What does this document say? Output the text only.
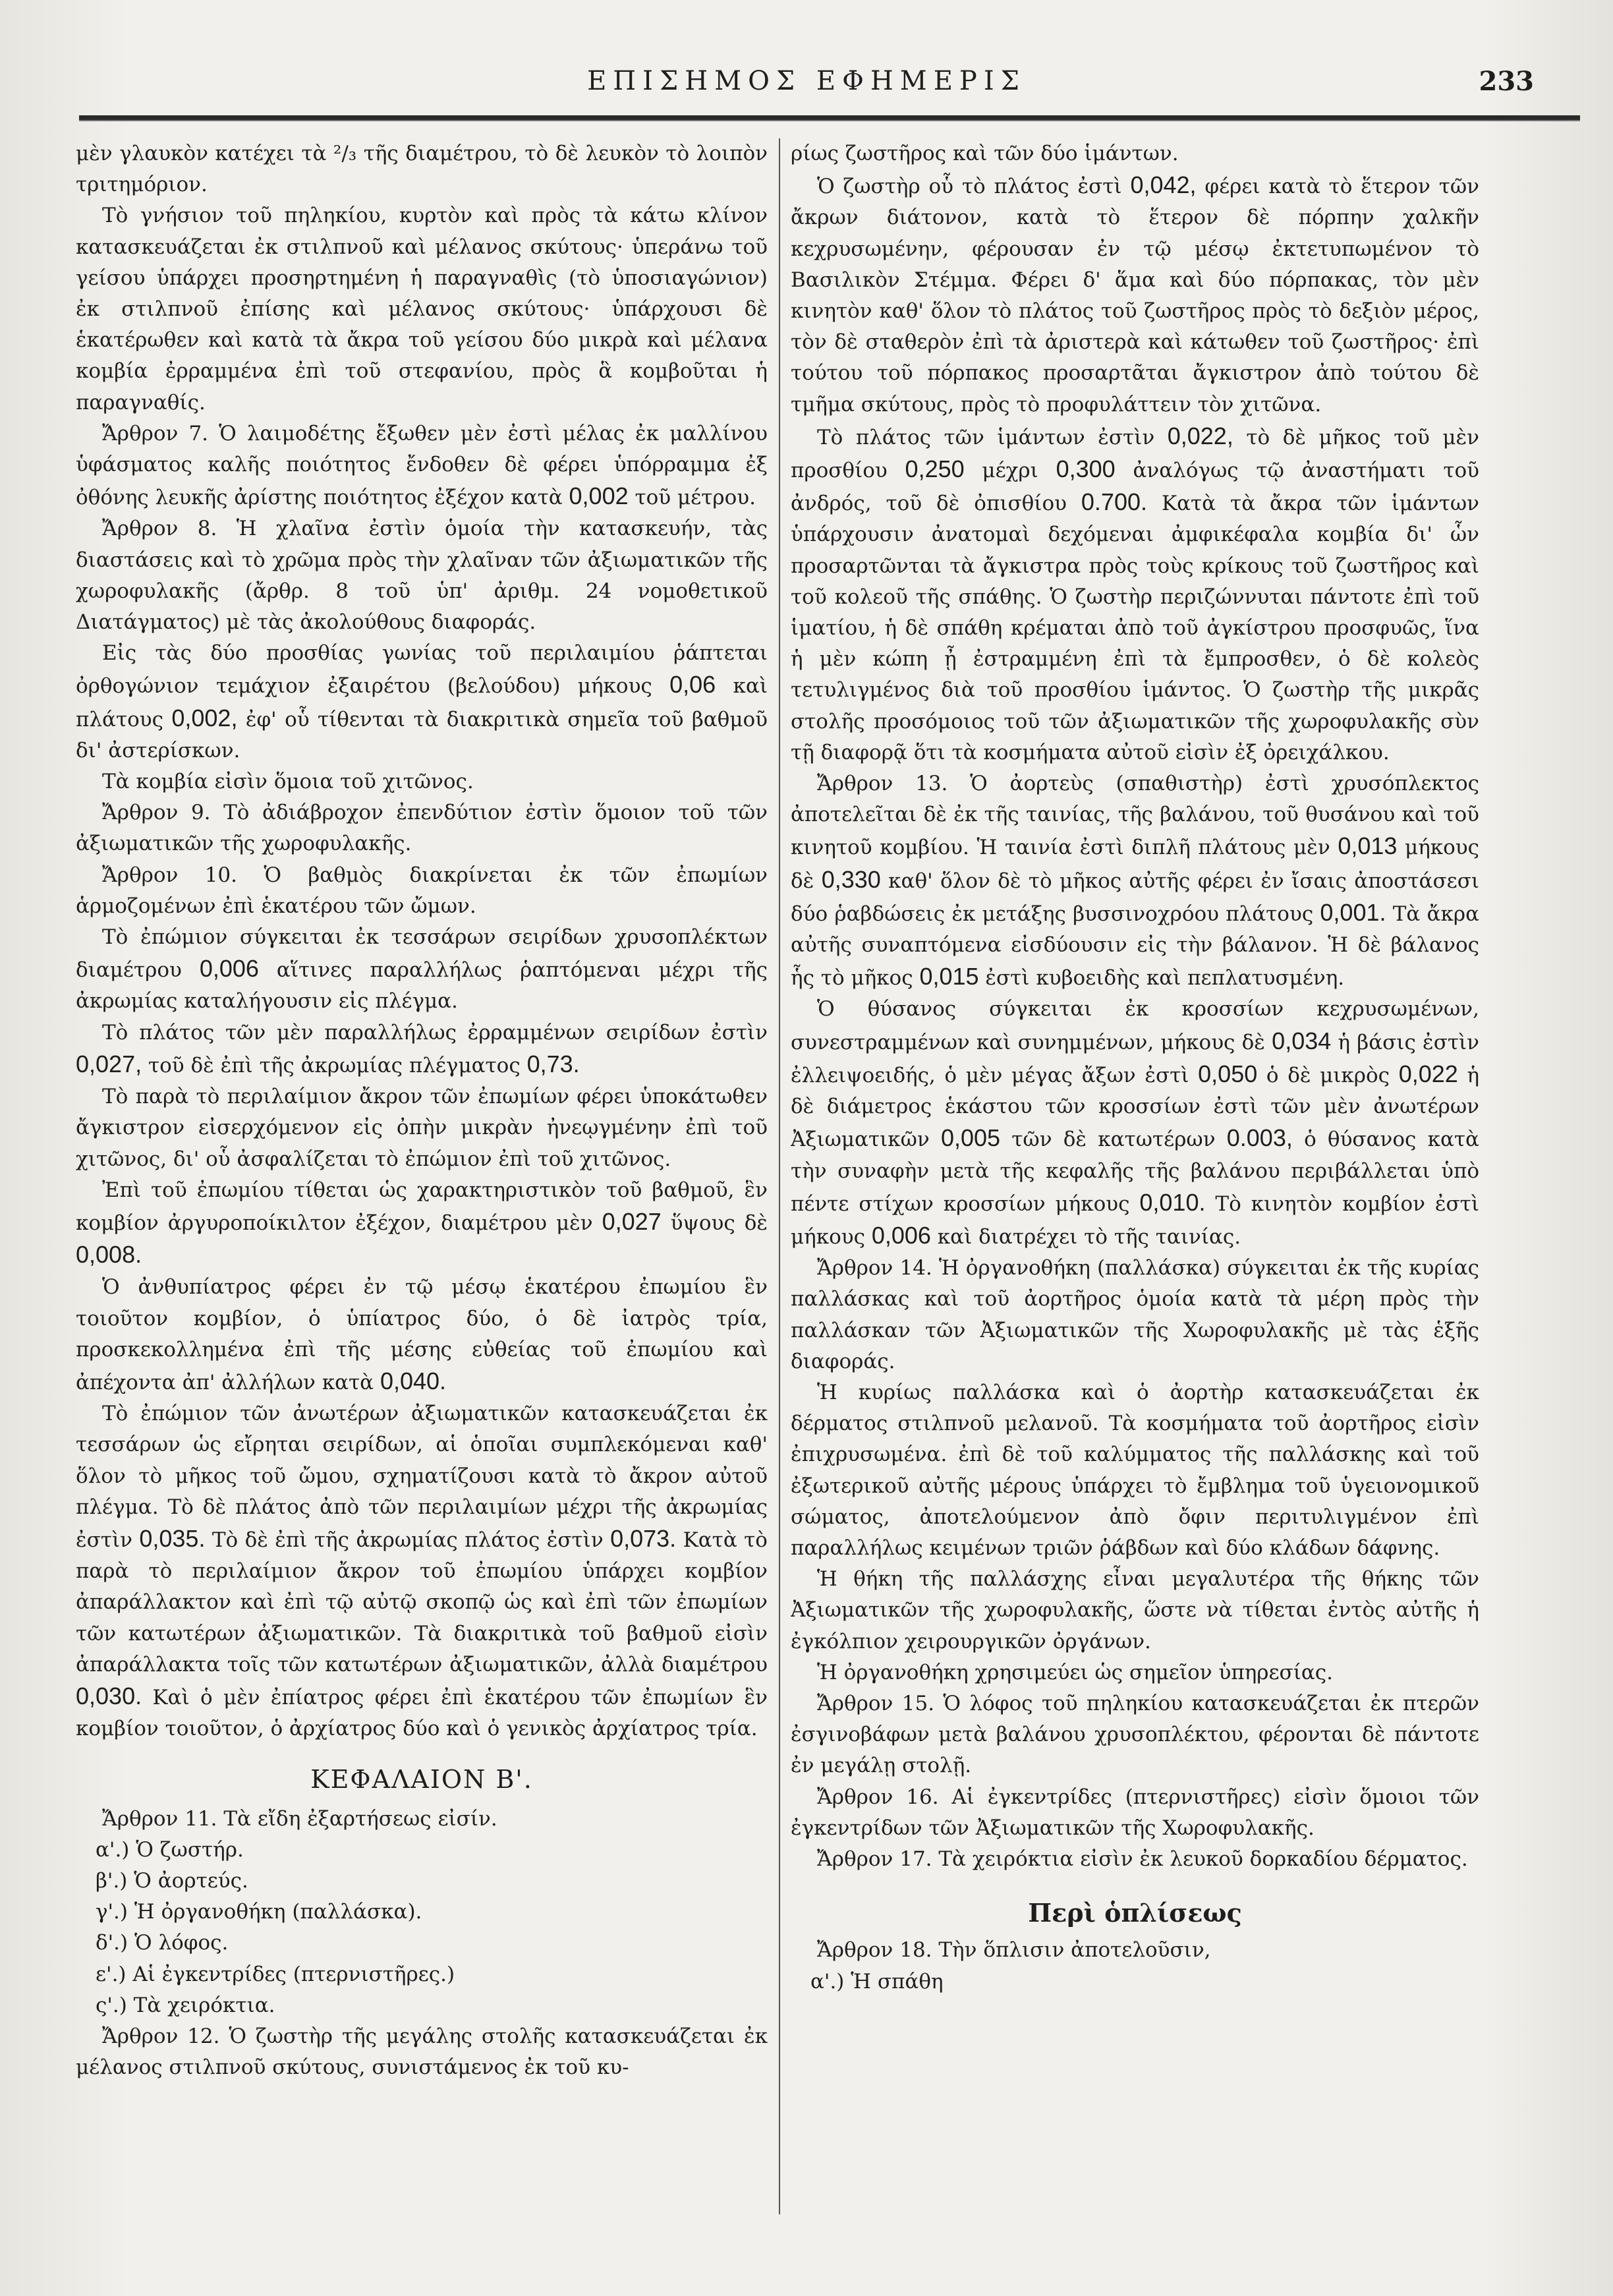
ΕΠΙΣΗΜΟΣ ΕΦΗΜΕΡΙΣ	233

μὲν γλαυκὸν κατέχει τὰ ²/₃ τῆς διαμέτρου, τὸ δὲ λευκὸν τὸ λοιπὸν τριτημόριον.

Τὸ γνήσιον τοῦ πηληκίου, κυρτὸν καὶ πρὸς τὰ κάτω κλίνον κατασκευάζεται ἐκ στιλπνοῦ καὶ μέλανος σκύτους· ὑπεράνω τοῦ γείσου ὑπάρχει προσηρτημένη ἡ παραγναθὶς (τὸ ὑποσιαγώνιον) ἐκ στιλπνοῦ ἐπίσης καὶ μέλανος σκύτους· ὑπάρχουσι δὲ ἑκατέρωθεν καὶ κατὰ τὰ ἄκρα τοῦ γείσου δύο μικρὰ καὶ μέλανα κομβία ἐρραμμένα ἐπὶ τοῦ στεφανίου, πρὸς ἃ κομβοῦται ἡ παραγναθίς.

Ἄρθρον 7. Ὁ λαιμοδέτης ἔξωθεν μὲν ἐστὶ μέλας ἐκ μαλλίνου ὑφάσματος καλῆς ποιότητος ἔνδοθεν δὲ φέρει ὑπόρραμμα ἐξ ὀθόνης λευκῆς ἀρίστης ποιότητος ἐξέχον κατὰ 0,002 τοῦ μέτρου.

Ἄρθρον 8. Ἡ χλαῖνα ἐστὶν ὁμοία τὴν κατασκευήν, τὰς διαστάσεις καὶ τὸ χρῶμα πρὸς τὴν χλαῖναν τῶν ἀξιωματικῶν τῆς χωροφυλακῆς (ἄρθρ. 8 τοῦ ὑπ' ἀριθμ. 24 νομοθετικοῦ Διατάγματος) μὲ τὰς ἀκολούθους διαφοράς.

Εἰς τὰς δύο προσθίας γωνίας τοῦ περιλαιμίου ῥάπτεται ὀρθογώνιον τεμάχιον ἐξαιρέτου (βελούδου) μήκους 0,06 καὶ πλάτους 0,002, ἐφ' οὗ τίθενται τὰ διακριτικὰ σημεῖα τοῦ βαθμοῦ δι' ἀστερίσκων.

Τὰ κομβία εἰσὶν ὅμοια τοῦ χιτῶνος.

Ἄρθρον 9. Τὸ ἀδιάβροχον ἐπενδύτιον ἐστὶν ὅμοιον τοῦ τῶν ἀξιωματικῶν τῆς χωροφυλακῆς.

Ἄρθρον 10. Ὁ βαθμὸς διακρίνεται ἐκ τῶν ἐπωμίων ἁρμοζομένων ἐπὶ ἑκατέρου τῶν ὤμων.

Τὸ ἐπώμιον σύγκειται ἐκ τεσσάρων σειρίδων χρυσοπλέκτων διαμέτρου 0,006 αἵτινες παραλλήλως ῥαπτόμεναι μέχρι τῆς ἀκρωμίας καταλήγουσιν εἰς πλέγμα.

Τὸ πλάτος τῶν μὲν παραλλήλως ἐρραμμένων σειρίδων ἐστὶν 0,027, τοῦ δὲ ἐπὶ τῆς ἀκρωμίας πλέγματος 0,73.

Τὸ παρὰ τὸ περιλαίμιον ἄκρον τῶν ἐπωμίων φέρει ὑποκάτωθεν ἄγκιστρον εἰσερχόμενον εἰς ὀπὴν μικρὰν ἠνεῳγμένην ἐπὶ τοῦ χιτῶνος, δι' οὗ ἀσφαλίζεται τὸ ἐπώμιον ἐπὶ τοῦ χιτῶνος.

Ἐπὶ τοῦ ἐπωμίου τίθεται ὡς χαρακτηριστικὸν τοῦ βαθμοῦ, ἓν κομβίον ἀργυροποίκιλτον ἐξέχον, διαμέτρου μὲν 0,027 ὕψους δὲ 0,008.

Ὁ ἀνθυπίατρος φέρει ἐν τῷ μέσῳ ἑκατέρου ἐπωμίου ἓν τοιοῦτον κομβίον, ὁ ὑπίατρος δύο, ὁ δὲ ἰατρὸς τρία, προσκεκολλημένα ἐπὶ τῆς μέσης εὐθείας τοῦ ἐπωμίου καὶ ἀπέχοντα ἀπ' ἀλλήλων κατὰ 0,040.

Τὸ ἐπώμιον τῶν ἀνωτέρων ἀξιωματικῶν κατασκευάζεται ἐκ τεσσάρων ὡς εἴρηται σειρίδων, αἱ ὁποῖαι συμπλεκόμεναι καθ' ὅλον τὸ μῆκος τοῦ ὤμου, σχηματίζουσι κατὰ τὸ ἄκρον αὐτοῦ πλέγμα. Τὸ δὲ πλάτος ἀπὸ τῶν περιλαιμίων μέχρι τῆς ἀκρωμίας ἐστὶν 0,035. Τὸ δὲ ἐπὶ τῆς ἀκρωμίας πλάτος ἐστὶν 0,073. Κατὰ τὸ παρὰ τὸ περιλαίμιον ἄκρον τοῦ ἐπωμίου ὑπάρχει κομβίον ἀπαράλλακτον καὶ ἐπὶ τῷ αὐτῷ σκοπῷ ὡς καὶ ἐπὶ τῶν ἐπωμίων τῶν κατωτέρων ἀξιωματικῶν. Τὰ διακριτικὰ τοῦ βαθμοῦ εἰσὶν ἀπαράλλακτα τοῖς τῶν κατωτέρων ἀξιωματικῶν, ἀλλὰ διαμέτρου 0,030. Καὶ ὁ μὲν ἐπίατρος φέρει ἐπὶ ἑκατέρου τῶν ἐπωμίων ἓν κομβίον τοιοῦτον, ὁ ἀρχίατρος δύο καὶ ὁ γενικὸς ἀρχίατρος τρία.

ΚΕΦΑΛΑΙΟΝ Β'.

Ἄρθρον 11. Τὰ εἴδη ἐξαρτήσεως εἰσίν.

α'.) Ὁ ζωστήρ.

β'.) Ὁ ἀορτεύς.

γ'.) Ἡ ὀργανοθήκη (παλλάσκα).

δ'.) Ὁ λόφος.

ε'.) Αἱ ἐγκεντρίδες (πτερνιστῆρες.)

ς'.) Τὰ χειρόκτια.

Ἄρθρον 12. Ὁ ζωστὴρ τῆς μεγάλης στολῆς κατασκευάζεται ἐκ μέλανος στιλπνοῦ σκύτους, συνιστάμενος ἐκ τοῦ κυ-

ρίως ζωστῆρος καὶ τῶν δύο ἱμάντων.

Ὁ ζωστὴρ οὗ τὸ πλάτος ἐστὶ 0,042, φέρει κατὰ τὸ ἕτερον τῶν ἄκρων διάτονον, κατὰ τὸ ἕτερον δὲ πόρπην χαλκῆν κεχρυσωμένην, φέρουσαν ἐν τῷ μέσῳ ἐκτετυπωμένον τὸ Βασιλικὸν Στέμμα. Φέρει δ' ἅμα καὶ δύο πόρπακας, τὸν μὲν κινητὸν καθ' ὅλον τὸ πλάτος τοῦ ζωστῆρος πρὸς τὸ δεξιὸν μέρος, τὸν δὲ σταθερὸν ἐπὶ τὰ ἀριστερὰ καὶ κάτωθεν τοῦ ζωστῆρος· ἐπὶ τούτου τοῦ πόρπακος προσαρτᾶται ἄγκιστρον ἀπὸ τούτου δὲ τμῆμα σκύτους, πρὸς τὸ προφυλάττειν τὸν χιτῶνα.

Τὸ πλάτος τῶν ἱμάντων ἐστὶν 0,022, τὸ δὲ μῆκος τοῦ μὲν προσθίου 0,250 μέχρι 0,300 ἀναλόγως τῷ ἀναστήματι τοῦ ἀνδρός, τοῦ δὲ ὀπισθίου 0.700. Κατὰ τὰ ἄκρα τῶν ἱμάντων ὑπάρχουσιν ἀνατομαὶ δεχόμεναι ἀμφικέφαλα κομβία δι' ὧν προσαρτῶνται τὰ ἄγκιστρα πρὸς τοὺς κρίκους τοῦ ζωστῆρος καὶ τοῦ κολεοῦ τῆς σπάθης. Ὁ ζωστὴρ περιζώννυται πάντοτε ἐπὶ τοῦ ἱματίου, ἡ δὲ σπάθη κρέμαται ἀπὸ τοῦ ἀγκίστρου προσφυῶς, ἵνα ἡ μὲν κώπη ᾖ ἐστραμμένη ἐπὶ τὰ ἔμπροσθεν, ὁ δὲ κολεὸς τετυλιγμένος διὰ τοῦ προσθίου ἱμάντος. Ὁ ζωστὴρ τῆς μικρᾶς στολῆς προσόμοιος τοῦ τῶν ἀξιωματικῶν τῆς χωροφυλακῆς σὺν τῇ διαφορᾷ ὅτι τὰ κοσμήματα αὐτοῦ εἰσὶν ἐξ ὀρειχάλκου.

Ἄρθρον 13. Ὁ ἀορτεὺς (σπαθιστὴρ) ἐστὶ χρυσόπλεκτος ἀποτελεῖται δὲ ἐκ τῆς ταινίας, τῆς βαλάνου, τοῦ θυσάνου καὶ τοῦ κινητοῦ κομβίου. Ἡ ταινία ἐστὶ διπλῆ πλάτους μὲν 0,013 μήκους δὲ 0,330 καθ' ὅλον δὲ τὸ μῆκος αὐτῆς φέρει ἐν ἴσαις ἀποστάσεσι δύο ῥαβδώσεις ἐκ μετάξης βυσσινοχρόου πλάτους 0,001. Τὰ ἄκρα αὐτῆς συναπτόμενα εἰσδύουσιν εἰς τὴν βάλανον. Ἡ δὲ βάλανος ἧς τὸ μῆκος 0,015 ἐστὶ κυβοειδὴς καὶ πεπλατυσμένη.

Ὁ θύσανος σύγκειται ἐκ κροσσίων κεχρυσωμένων, συνεστραμμένων καὶ συνημμένων, μήκους δὲ 0,034 ἡ βάσις ἐστὶν ἐλλειψοειδής, ὁ μὲν μέγας ἄξων ἐστὶ 0,050 ὁ δὲ μικρὸς 0,022 ἡ δὲ διάμετρος ἑκάστου τῶν κροσσίων ἐστὶ τῶν μὲν ἀνωτέρων Ἀξιωματικῶν 0,005 τῶν δὲ κατωτέρων 0.003, ὁ θύσανος κατὰ τὴν συναφὴν μετὰ τῆς κεφαλῆς τῆς βαλάνου περιβάλλεται ὑπὸ πέντε στίχων κροσσίων μήκους 0,010. Τὸ κινητὸν κομβίον ἐστὶ μήκους 0,006 καὶ διατρέχει τὸ τῆς ταινίας.

Ἄρθρον 14. Ἡ ὀργανοθήκη (παλλάσκα) σύγκειται ἐκ τῆς κυρίας παλλάσκας καὶ τοῦ ἀορτῆρος ὁμοία κατὰ τὰ μέρη πρὸς τὴν παλλάσκαν τῶν Ἀξιωματικῶν τῆς Χωροφυλακῆς μὲ τὰς ἑξῆς διαφοράς.

Ἡ κυρίως παλλάσκα καὶ ὁ ἀορτὴρ κατασκευάζεται ἐκ δέρματος στιλπνοῦ μελανοῦ. Τὰ κοσμήματα τοῦ ἀορτῆρος εἰσὶν ἐπιχρυσωμένα. ἐπὶ δὲ τοῦ καλύμματος τῆς παλλάσκης καὶ τοῦ ἐξωτερικοῦ αὐτῆς μέρους ὑπάρχει τὸ ἔμβλημα τοῦ ὑγειονομικοῦ σώματος, ἀποτελούμενον ἀπὸ ὄφιν περιτυλιγμένον ἐπὶ παραλλήλως κειμένων τριῶν ῥάβδων καὶ δύο κλάδων δάφνης.

Ἡ θήκη τῆς παλλάσχης εἶναι μεγαλυτέρα τῆς θήκης τῶν Ἀξιωματικῶν τῆς χωροφυλακῆς, ὥστε νὰ τίθεται ἐντὸς αὐτῆς ἡ ἐγκόλπιον χειρουργικῶν ὀργάνων.

Ἡ ὀργανοθήκη χρησιμεύει ὡς σημεῖον ὑπηρεσίας.

Ἄρθρον 15. Ὁ λόφος τοῦ πηληκίου κατασκευάζεται ἐκ πτερῶν ἐσγινοβάφων μετὰ βαλάνου χρυσοπλέκτου, φέρονται δὲ πάντοτε ἐν μεγάλῃ στολῇ.

Ἄρθρον 16. Αἱ ἐγκεντρίδες (πτερνιστῆρες) εἰσὶν ὅμοιοι τῶν ἐγκεντρίδων τῶν Ἀξιωματικῶν τῆς Χωροφυλακῆς.

Ἄρθρον 17. Τὰ χειρόκτια εἰσὶν ἐκ λευκοῦ δορκαδίου δέρματος.

Περὶ ὁπλίσεως

Ἄρθρον 18. Τὴν ὅπλισιν ἀποτελοῦσιν,

α'.) Ἡ σπάθη
